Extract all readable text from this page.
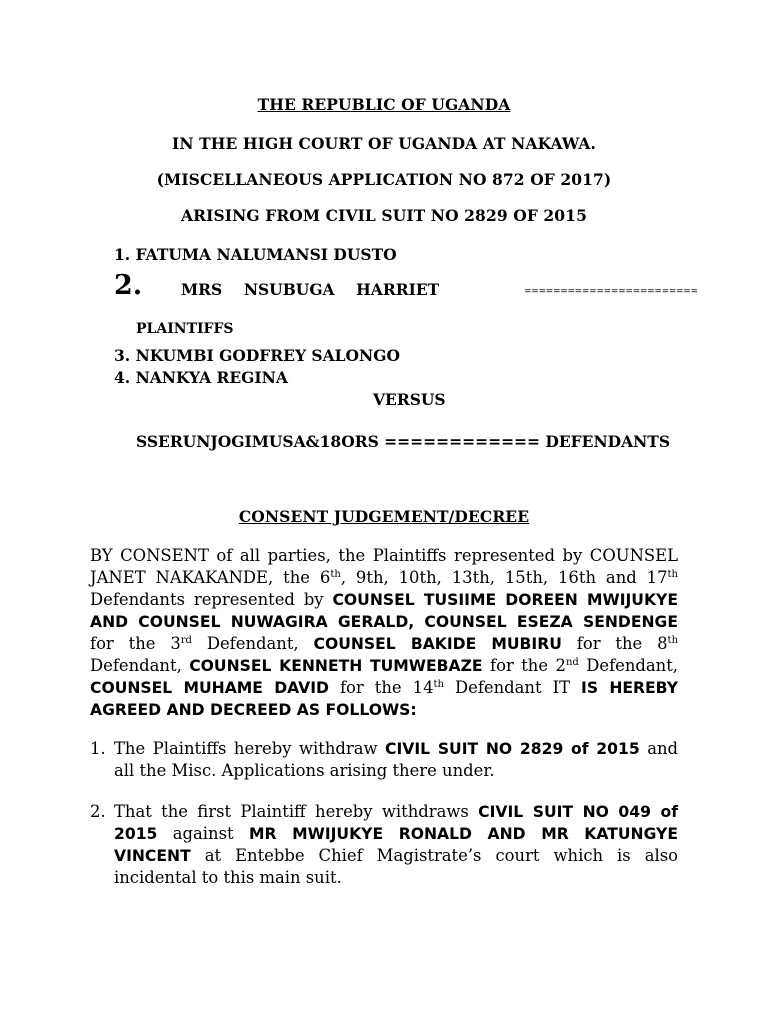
THE REPUBLIC OF UGANDA
IN THE HIGH COURT OF UGANDA AT NAKAWA.
(MISCELLANEOUS APPLICATION NO 872 OF 2017)
ARISING FROM CIVIL SUIT NO 2829 OF 2015
1. FATUMA NALUMANSI DUSTO
2.	MRS    NSUBUGA    HARRIET	========================
PLAINTIFFS
3. NKUMBI GODFREY SALONGO
4. NANKYA REGINA
VERSUS
SSERUNJOGIMUSA&18ORS ============ DEFENDANTS
CONSENT JUDGEMENT/DECREE
BY CONSENT of all parties, the Plaintiffs represented by COUNSEL JANET NAKAKANDE, the 6th, 9th, 10th, 13th, 15th, 16th and 17th Defendants represented by COUNSEL TUSIIME DOREEN MWIJUKYE AND COUNSEL NUWAGIRA GERALD, COUNSEL ESEZA SENDENGE for the 3rd Defendant, COUNSEL BAKIDE MUBIRU for the 8th Defendant, COUNSEL KENNETH TUMWEBAZE for the 2nd Defendant, COUNSEL MUHAME DAVID for the 14th Defendant IT IS HEREBY AGREED AND DECREED AS FOLLOWS:
1. The Plaintiffs hereby withdraw CIVIL SUIT NO 2829 of 2015 and all the Misc. Applications arising there under.
2. That the first Plaintiff hereby withdraws CIVIL SUIT NO 049 of 2015 against MR MWIJUKYE RONALD AND MR KATUNGYE VINCENT at Entebbe Chief Magistrate’s court which is also incidental to this main suit.
